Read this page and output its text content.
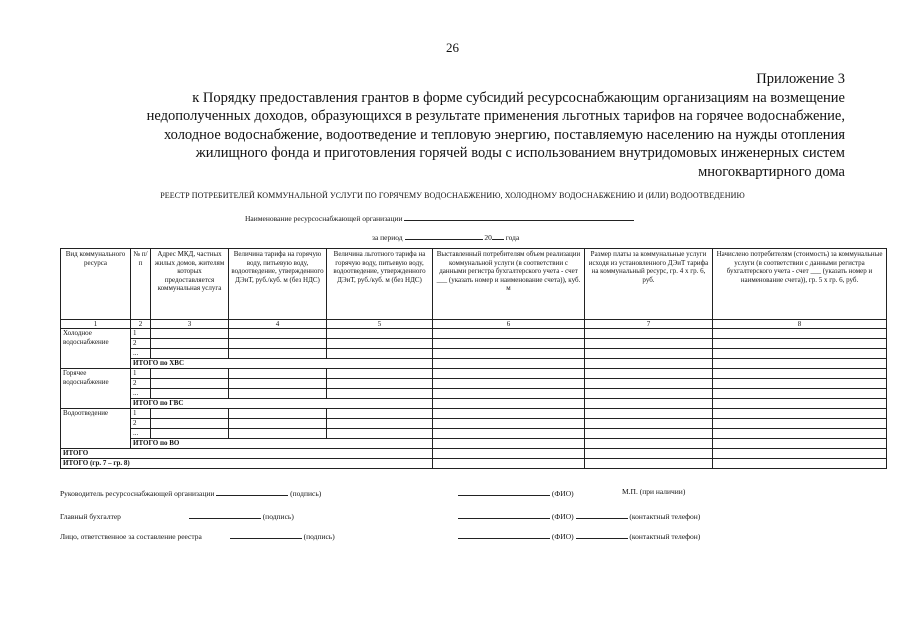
26
Приложение 3
к Порядку предоставления грантов в форме субсидий ресурсоснабжающим организациям на возмещение
недополученных доходов, образующихся в результате применения льготных тарифов на горячее водоснабжение,
холодное водоснабжение, водоотведение и тепловую энергию, поставляемую населению на нужды отопления
жилищного фонда и приготовления горячей воды с использованием внутридомовых инженерных систем
многоквартирного дома
РЕЕСТР ПОТРЕБИТЕЛЕЙ КОММУНАЛЬНОЙ УСЛУГИ ПО ГОРЯЧЕМУ ВОДОСНАБЖЕНИЮ, ХОЛОДНОМУ ВОДОСНАБЖЕНИЮ И (ИЛИ) ВОДООТВЕДЕНИЮ
Наименование ресурсоснабжающей организации
за период	20 года
Вид коммунального ресурса	№ п/п	Адрес МКД, частных жилых домов, жителям которых предоставляется коммунальная услуга	Величина тарифа на горячую воду, питьевую воду, водоотведение, утвержденного ДЭиТ, руб./куб. м (без НДС)	Величина льготного тарифа на горячую воду, питьевую воду, водоотведение, утвержденного ДЭиТ, руб./куб. м (без НДС)	Выставленный потребителям объем реализации коммунальной услуги (в соответствии с данными регистра бухгалтерского учета - счет ___ (указать номер и наименование счета)), куб. м	Размер платы за коммунальные услуги исходя из установленного ДЭиТ тарифа на коммунальный ресурс, гр. 4 x гр. 6, руб.	Начислено потребителям (стоимость) за коммунальные услуги (в соответствии с данными регистра бухгалтерского учета - счет ___ (указать номер и наименование счета)), гр. 5 x гр. 6, руб.
1	2	3	4	5	6	7	8
Холодное водоснабжение	1						
	2						
	...						
	ИТОГО по ХВС						
Горячее водоснабжение	1						
	2						
	...						
	ИТОГО по ГВС						
Водоотведение	1						
	2						
	...						
	ИТОГО по ВО						
ИТОГО							
ИТОГО (гр. 7 – гр. 8)							
Руководитель ресурсоснабжающей организации	(подпись)	(ФИО)	М.П. (при наличии)
Главный бухгалтер	(подпись)	(ФИО)	(контактный телефон)
Лицо, ответственное за составление реестра	(подпись)	(ФИО)	(контактный телефон)
